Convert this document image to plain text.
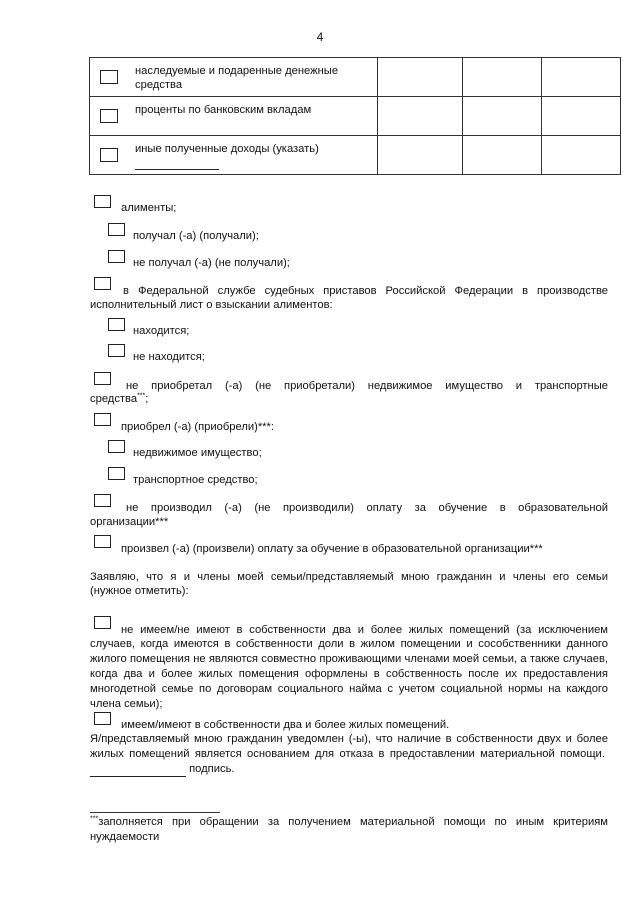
4
наследуемые и подаренные денежные средства			

проценты по банковским вкладам			

иные полученные доходы (указать)			

алименты;
получал (-а) (получали);
не получал (-а) (не получали);
в Федеральной службе судебных приставов Российской Федерации в производстве
исполнительный лист о взыскании алиментов:
находится;
не находится;
не приобретал (-а) (не приобретали) недвижимое имущество и транспортные
средства***;
приобрел (-а) (приобрели)***:
недвижимое имущество;
транспортное средство;
не производил (-а) (не производили) оплату за обучение в образовательной
организации***
произвел (-а) (произвели) оплату за обучение в образовательной организации***
Заявляю, что я и члены моей семьи/представляемый мною гражданин и члены его семьи
(нужное отметить):
не имеем/не имеют в собственности два и более жилых помещений (за исключением
случаев, когда имеются в собственности доли в жилом помещении и сособственники данного жилого помещения не являются совместно проживающими членами моей семьи, а также случаев, когда два и более жилых помещения оформлены в собственность после их предоставления многодетной семье по договорам социального найма с учетом социальной нормы на каждого члена семьи);
имеем/имеют в собственности два и более жилых помещений.
Я/представляемый мною гражданин уведомлен (-ы), что наличие в собственности двух и более жилых помещений является основанием для отказа в предоставлении материальной помощи.   подпись.
***заполняется при обращении за получением материальной помощи по иным критериям нуждаемости
